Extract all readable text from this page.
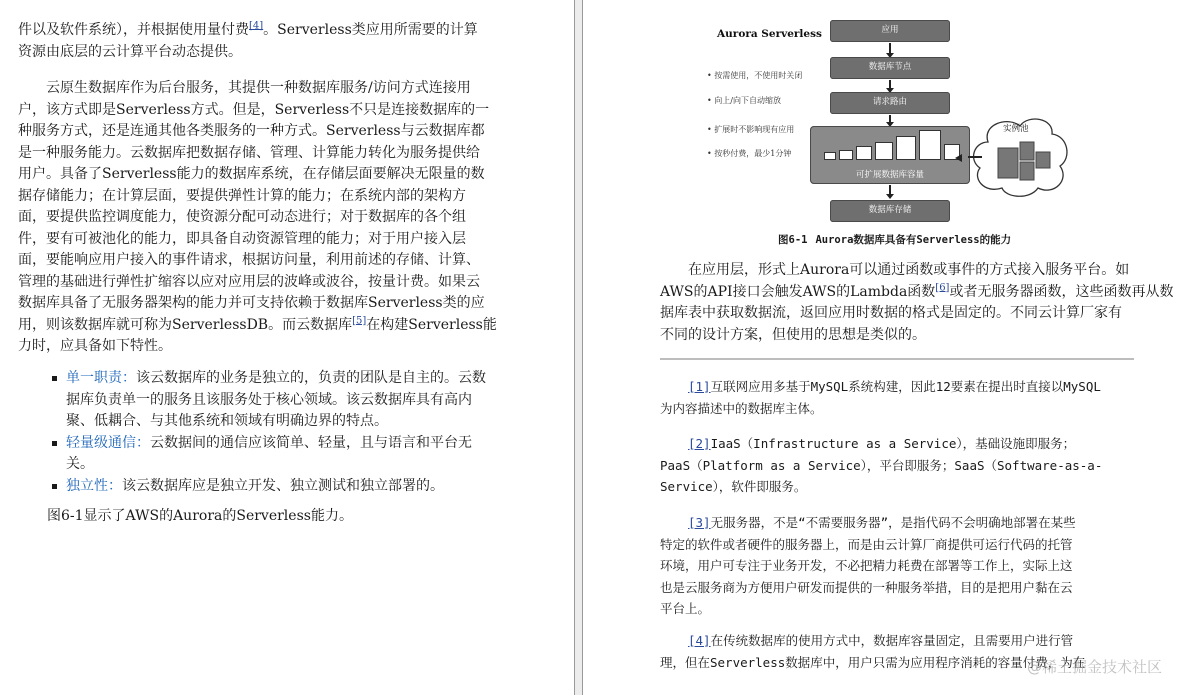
件以及软件系统），并根据使用量付费[4]。Serverless类应用所需要的计算
资源由底层的云计算平台动态提供。

云原生数据库作为后台服务，其提供一种数据库服务/访问方式连接用
户，该方式即是Serverless方式。但是，Serverless不只是连接数据库的一
种服务方式，还是连通其他各类服务的一种方式。Serverless与云数据库都
是一种服务能力。云数据库把数据存储、管理、计算能力转化为服务提供给
用户。具备了Serverless能力的数据库系统，在存储层面要解决无限量的数
据存储能力；在计算层面，要提供弹性计算的能力；在系统内部的架构方
面，要提供监控调度能力，使资源分配可动态进行；对于数据库的各个组
件，要有可被池化的能力，即具备自动资源管理的能力；对于用户接入层
面，要能响应用户接入的事件请求，根据访问量，利用前述的存储、计算、
管理的基础进行弹性扩缩容以应对应用层的波峰或波谷，按量计费。如果云
数据库具备了无服务器架构的能力并可支持依赖于数据库Serverless类的应
用，则该数据库就可称为ServerlessDB。而云数据库[5]在构建Serverless能
力时，应具备如下特性。

单一职责：该云数据库的业务是独立的，负责的团队是自主的。云数
据库负责单一的服务且该服务处于核心领域。该云数据库具有高内
聚、低耦合、与其他系统和领域有明确边界的特点。
轻量级通信：云数据间的通信应该简单、轻量，且与语言和平台无
关。
独立性：该云数据库应是独立开发、独立测试和独立部署的。

图6-1显示了AWS的Aurora的Serverless能力。

Aurora Serverless
• 按需使用，不使用时关闭
• 向上/向下自动缩放
• 扩展时不影响现有应用
• 按秒付费，最少1分钟
应用
数据库节点
请求路由
可扩展数据库容量
数据库存储
实例池
图6-1 Aurora数据库具备有Serverless的能力

在应用层，形式上Aurora可以通过函数或事件的方式接入服务平台。如
AWS的API接口会触发AWS的Lambda函数[6]或者无服务器函数，这些函数再从数
据库表中获取数据流，返回应用时数据的格式是固定的。不同云计算厂家有
不同的设计方案，但使用的思想是类似的。

[1]互联网应用多基于MySQL系统构建，因此12要素在提出时直接以MySQL
为内容描述中的数据库主体。
[2]IaaS（Infrastructure as a Service），基础设施即服务；
PaaS（Platform as a Service），平台即服务；SaaS（Software-as-a-
Service），软件即服务。
[3]无服务器，不是“不需要服务器”，是指代码不会明确地部署在某些
特定的软件或者硬件的服务器上，而是由云计算厂商提供可运行代码的托管
环境，用户可专注于业务开发，不必把精力耗费在部署等工作上，实际上这
也是云服务商为方便用户研发而提供的一种服务举措，目的是把用户黏在云
平台上。
[4]在传统数据库的使用方式中，数据库容量固定，且需要用户进行管
理，但在Serverless数据库中，用户只需为应用程序消耗的容量付费，为在
@稀土掘金技术社区
